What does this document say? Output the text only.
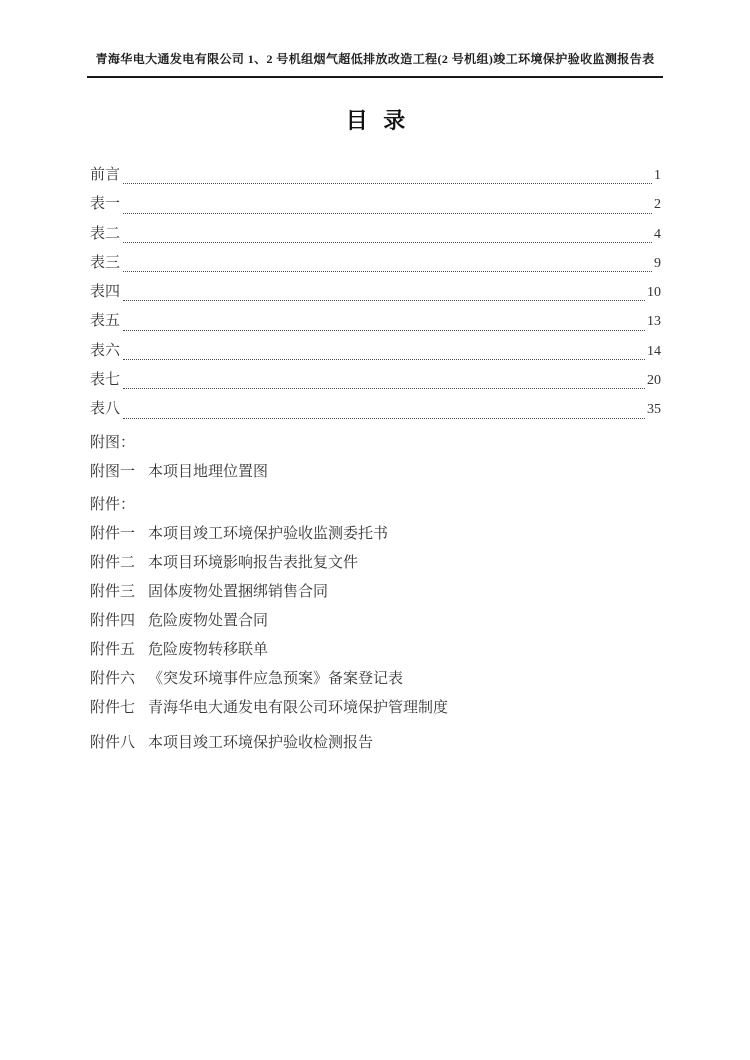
青海华电大通发电有限公司 1、2 号机组烟气超低排放改造工程(2 号机组)竣工环境保护验收监测报告表
目 录
前言	1
表一	2
表二	4
表三	9
表四	10
表五	13
表六	14
表七	20
表八	35
附图：
附图一 本项目地理位置图
附件：
附件一 本项目竣工环境保护验收监测委托书
附件二 本项目环境影响报告表批复文件
附件三 固体废物处置捆绑销售合同
附件四 危险废物处置合同
附件五 危险废物转移联单
附件六 《突发环境事件应急预案》备案登记表
附件七 青海华电大通发电有限公司环境保护管理制度
附件八 本项目竣工环境保护验收检测报告
